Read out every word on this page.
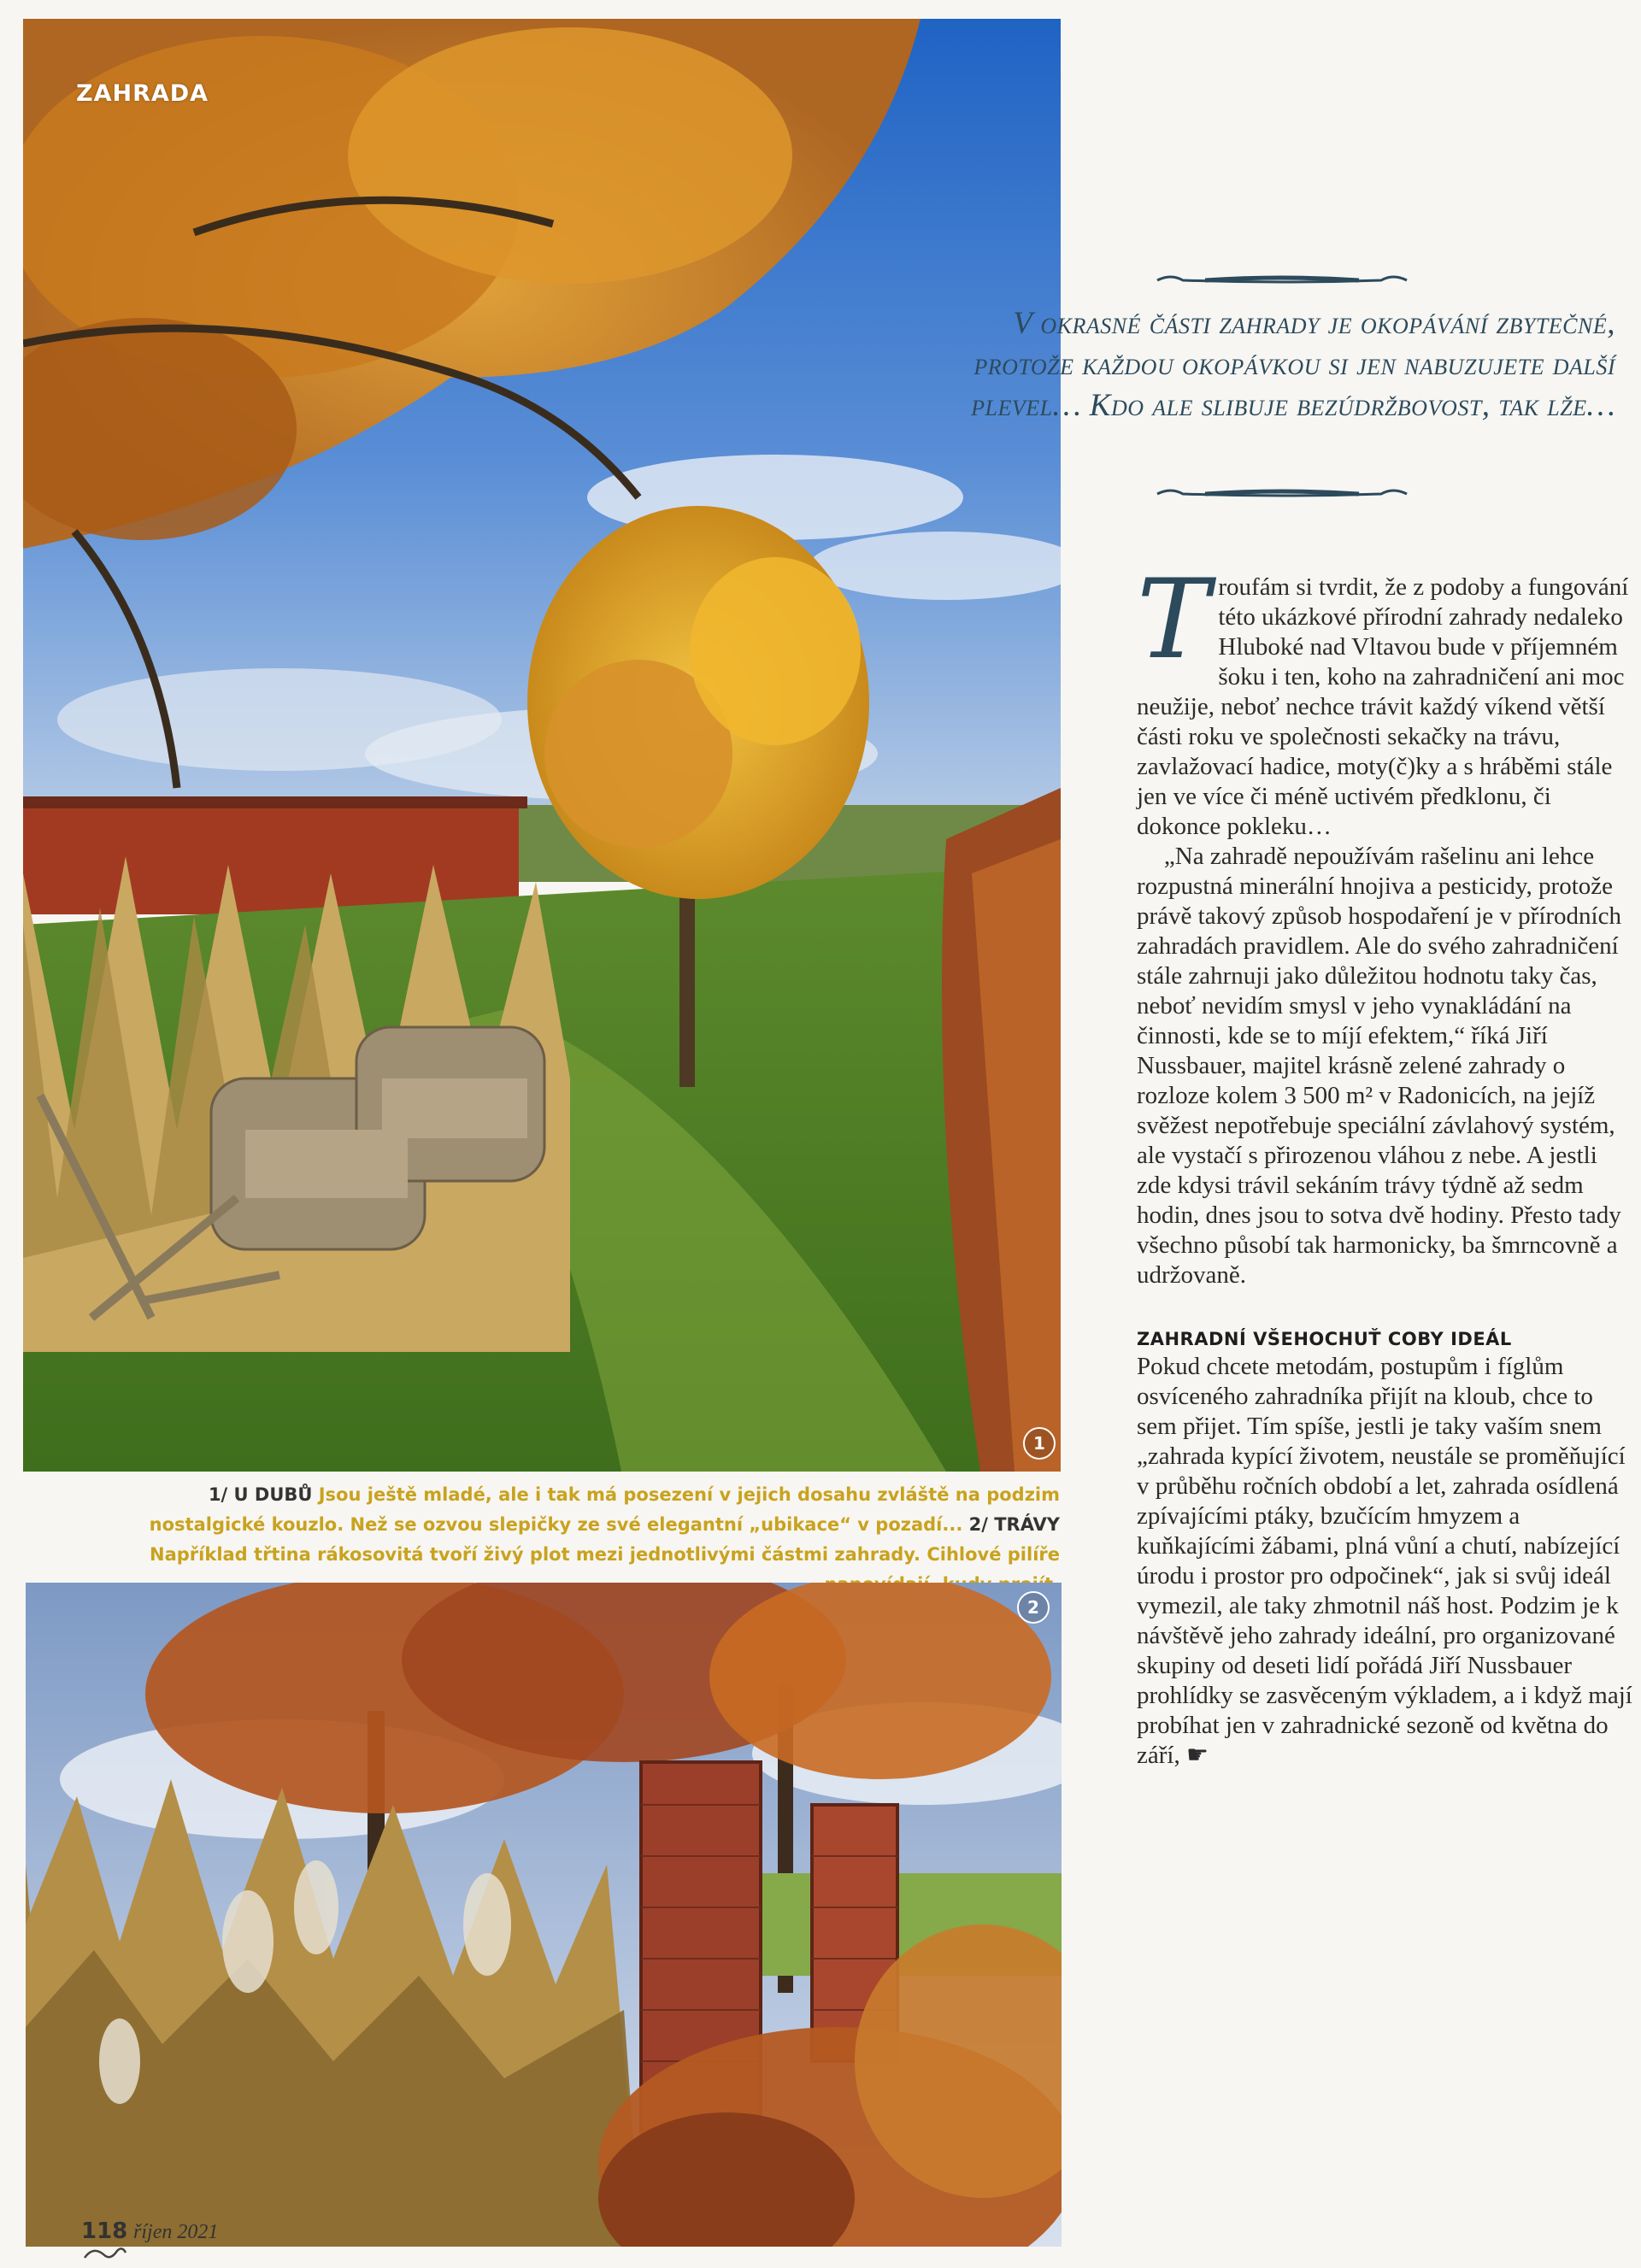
ZAHRADA
1
1/ U DUBŮ Jsou ještě mladé, ale i tak má posezení v jejich dosahu zvláště na podzim nostalgické kouzlo. Než se ozvou slepičky ze své elegantní „ubikace“ v pozadí... 2/ TRÁVY Například třtina rákosovitá tvoří živý plot mezi jednotlivými částmi zahrady. Cihlové pilíře
2
V okrasné části zahrady je okopávání zbytečné, protože každou okopávkou si jen nabuzujete další plevel… Kdo ale slibuje bezúdržbovost, tak lže…
T roufám si tvrdit, že z podoby a fungování této ukázkové přírodní zahrady nedaleko Hluboké nad Vltavou bude v příjemném šoku i ten, koho na zahradničení ani moc neužije, neboť nechce trávit každý víkend větší části roku ve společnosti sekačky na trávu, zavlažovací hadice, moty(č)ky a s hráběmi stále jen ve více či méně uctivém předklonu, či dokonce pokleku…

„Na zahradě nepoužívám rašelinu ani lehce rozpustná minerální hnojiva a pesticidy, protože právě takový způsob hospodaření je v přírodních zahradách pravidlem. Ale do svého zahradničení stále zahrnuji jako důležitou hodnotu taky čas, neboť nevidím smysl v jeho vynakládání na činnosti, kde se to míjí efektem,“ říká Jiří Nussbauer, majitel krásně zelené zahrady o rozloze kolem 3 500 m² v Radonicích, na jejíž svěžest nepotřebuje speciální závlahový systém, ale vystačí s přirozenou vláhou z nebe. A jestli zde kdysi trávil sekáním trávy týdně až sedm hodin, dnes jsou to sotva dvě hodiny. Přesto tady všechno působí tak harmonicky, ba šmrncovně a udržovaně.

ZAHRADNÍ VŠEHOCHUŤ COBY IDEÁL

Pokud chcete metodám, postupům i fíglům osvíceného zahradníka přijít na kloub, chce to sem přijet. Tím spíše, jestli je taky vaším snem „zahrada kypící životem, neustále se proměňující v průběhu ročních období a let, zahrada osídlená zpívajícími ptáky, bzučícím hmyzem a kuňkajícími žábami, plná vůní a chutí, nabízející úrodu i prostor pro odpočinek“, jak si svůj ideál vymezil, ale taky zhmotnil náš host. Podzim je k návštěvě jeho zahrady ideální, pro organizované skupiny od deseti lidí pořádá Jiří Nussbauer prohlídky se zasvěceným výkladem, a i když mají probíhat jen v zahradnické sezoně od května do září, ☛

118 říjen 2021
